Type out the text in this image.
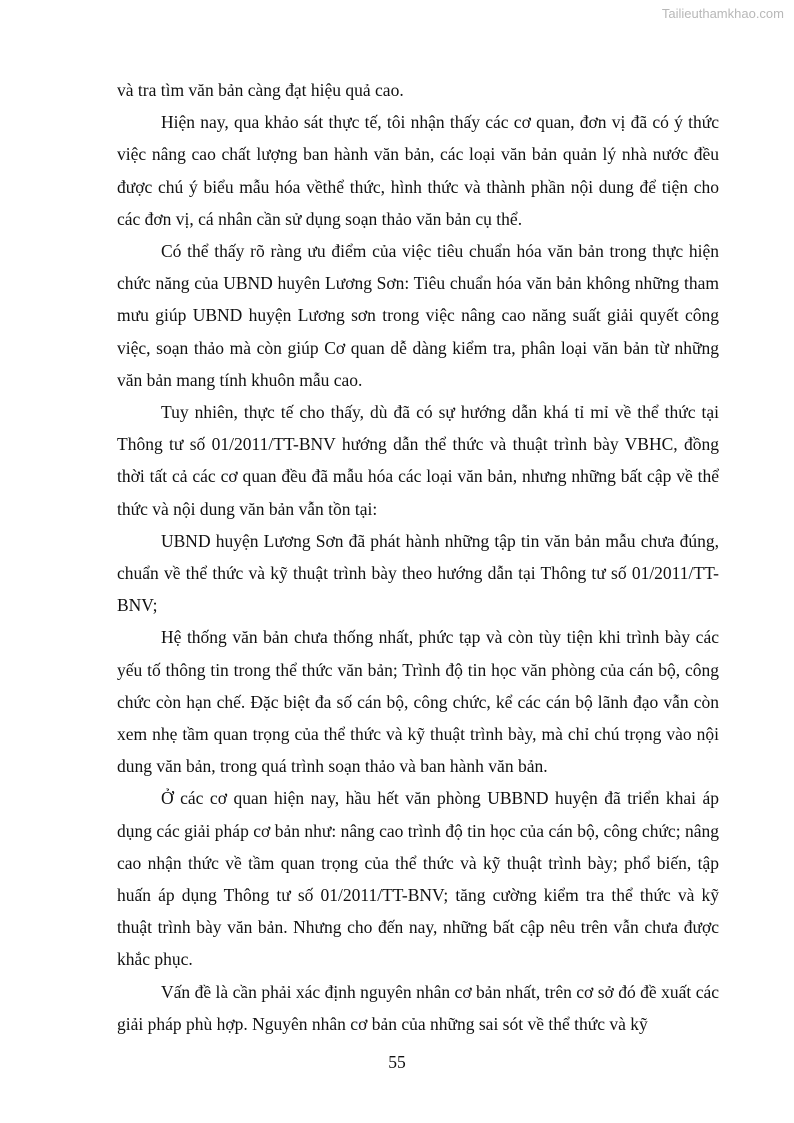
Tailieuthamkhao.com

và tra tìm văn bản càng đạt hiệu quả cao.

Hiện nay, qua khảo sát thực tế, tôi nhận thấy các cơ quan, đơn vị đã có ý thức việc nâng cao chất lượng ban hành văn bản, các loại văn bản quản lý nhà nước đều được chú ý biểu mẫu hóa vềthể thức, hình thức và thành phần nội dung để tiện cho các đơn vị, cá nhân cần sử dụng soạn thảo văn bản cụ thể.

Có thể thấy rõ ràng ưu điểm của việc tiêu chuẩn hóa văn bản trong thực hiện chức năng của UBND huyên Lương Sơn: Tiêu chuẩn hóa văn bản không những tham mưu giúp UBND huyện Lương sơn trong việc nâng cao năng suất giải quyết công việc, soạn thảo mà còn giúp Cơ quan dễ dàng kiểm tra, phân loại văn bản từ những văn bản mang tính khuôn mẫu cao.

Tuy nhiên, thực tế cho thấy, dù đã có sự hướng dẫn khá tỉ mỉ về thể thức tại Thông tư số 01/2011/TT-BNV hướng dẫn thể thức và thuật trình bày VBHC, đồng thời tất cả các cơ quan đều đã mẫu hóa các loại văn bản, nhưng những bất cập về thể thức và nội dung văn bản vẫn tồn tại:

UBND huyện Lương Sơn đã phát hành những tập tin văn bản mẫu chưa đúng, chuẩn về thể thức và kỹ thuật trình bày theo hướng dẫn tại Thông tư số 01/2011/TT-BNV;

Hệ thống văn bản chưa thống nhất, phức tạp và còn tùy tiện khi trình bày các yếu tố thông tin trong thể thức văn bản; Trình độ tin học văn phòng của cán bộ, công chức còn hạn chế. Đặc biệt đa số cán bộ, công chức, kể các cán bộ lãnh đạo vẫn còn xem nhẹ tầm quan trọng của thể thức và kỹ thuật trình bày, mà chỉ chú trọng vào nội dung văn bản, trong quá trình soạn thảo và ban hành văn bản.

Ở các cơ quan hiện nay, hầu hết văn phòng UBBND huyện đã triển khai áp dụng các giải pháp cơ bản như: nâng cao trình độ tin học của cán bộ, công chức; nâng cao nhận thức về tầm quan trọng của thể thức và kỹ thuật trình bày; phổ biến, tập huấn áp dụng Thông tư số 01/2011/TT-BNV; tăng cường kiểm tra thể thức và kỹ thuật trình bày văn bản. Nhưng cho đến nay, những bất cập nêu trên vẫn chưa được khắc phục.

Vấn đề là cần phải xác định nguyên nhân cơ bản nhất, trên cơ sở đó đề xuất các giải pháp phù hợp. Nguyên nhân cơ bản của những sai sót về thể thức và kỹ

55
